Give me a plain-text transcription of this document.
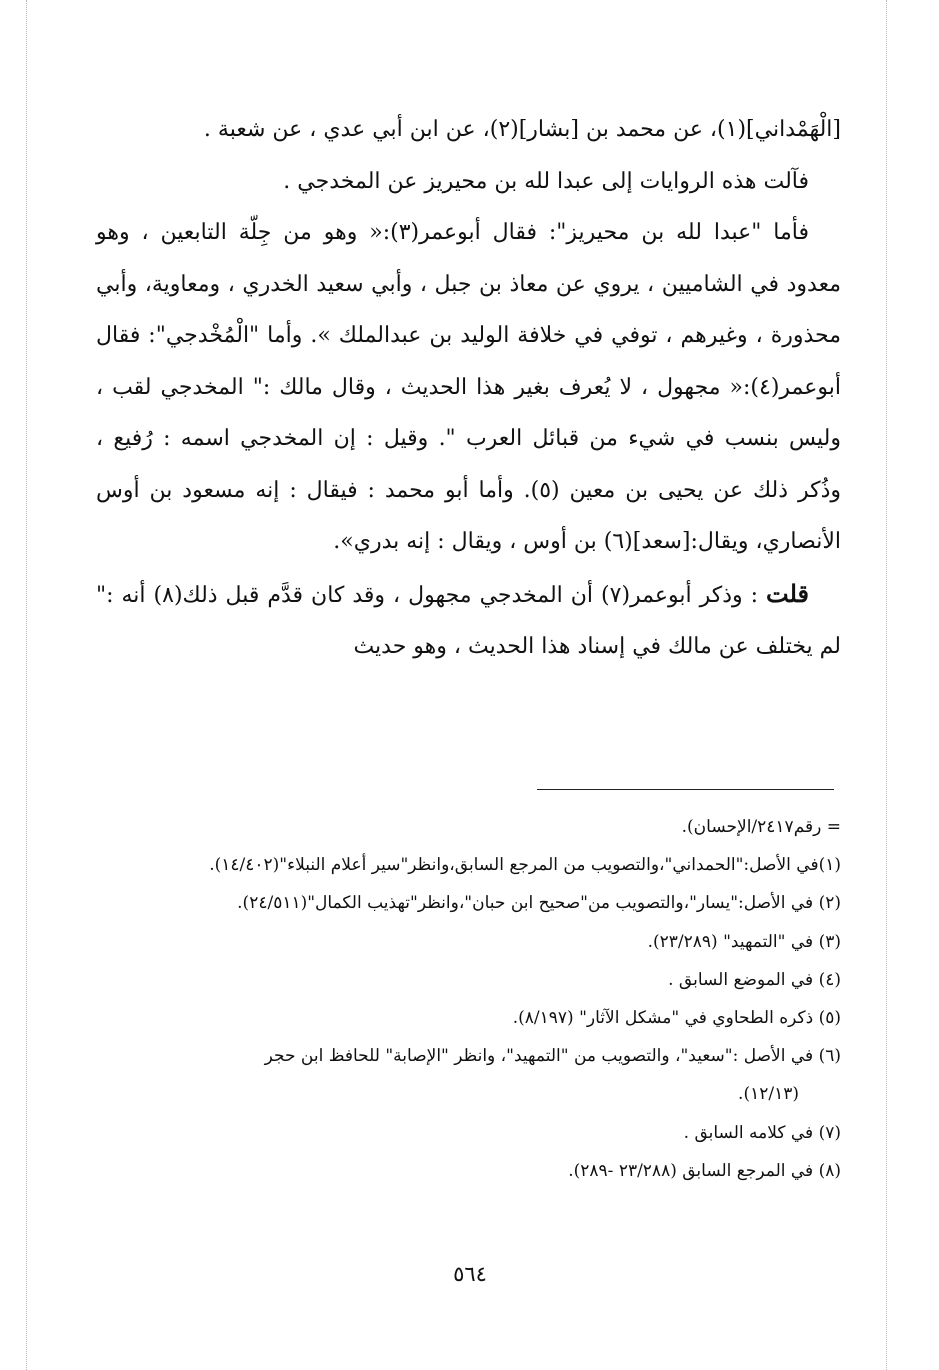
[الْهَمْداني](١)، عن محمد بن [بشار](٢)، عن ابن أبي عدي ، عن شعبة .

فآلت هذه الروايات إلى عبدا لله بن محيريز عن المخدجي .

فأما "عبدا لله بن محيريز": فقال أبوعمر(٣):« وهو من جِلّة التابعين ، وهو معدود في الشاميين ، يروي عن معاذ بن جبل ، وأبي سعيد الخدري ، ومعاوية، وأبي محذورة ، وغيرهم ، توفي في خلافة الوليد بن عبدالملك ». وأما "الْمُخْدجي": فقال أبوعمر(٤):« مجهول ، لا يُعرف بغير هذا الحديث ، وقال مالك :" المخدجي لقب ، وليس بنسب في شيء من قبائل العرب ". وقيل : إن المخدجي اسمه : رُفيع ، وذُكر ذلك عن يحيى بن معين (٥). وأما أبو محمد : فيقال : إنه مسعود بن أوس الأنصاري، ويقال:[سعد](٦) بن أوس ، ويقال : إنه بدري».

قلت : وذكر أبوعمر(٧) أن المخدجي مجهول ، وقد كان قدَّم قبل ذلك(٨) أنه :" لم يختلف عن مالك في إسناد هذا الحديث ، وهو حديث

= رقم٢٤١٧/الإحسان).

(١)في الأصل:"الحمداني"،والتصويب من المرجع السابق،وانظر"سير أعلام النبلاء"(١٤/٤٠٢).

(٢) في الأصل:"يسار"،والتصويب من"صحيح ابن حبان"،وانظر"تهذيب الكمال"(٢٤/٥١١).

(٣) في "التمهيد" (٢٣/٢٨٩).

(٤) في الموضع السابق .

(٥) ذكره الطحاوي في "مشكل الآثار" (٨/١٩٧).

(٦) في الأصل :"سعيد"، والتصويب من "التمهيد"، وانظر "الإصابة" للحافظ ابن حجر

(١٢/١٣).

(٧) في كلامه السابق .

(٨) في المرجع السابق (٢٣/٢٨٨ -٢٨٩).

٥٦٤
